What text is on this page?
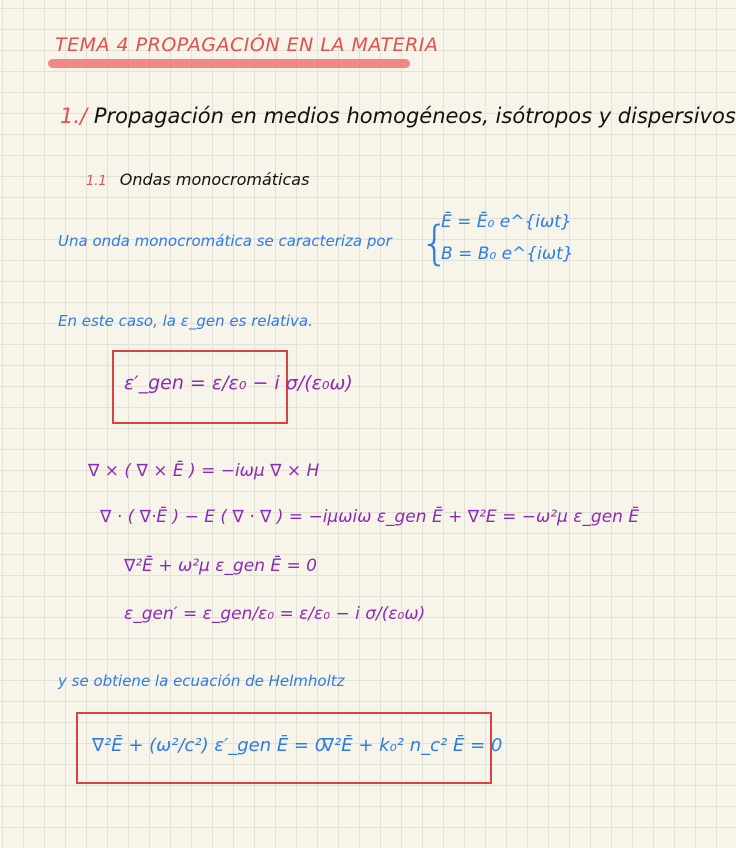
TEMA 4 PROPAGACIÓN EN LA MATERIA
1./ Propagación en medios homogéneos, isótropos y dispersivos
1.1 Ondas monocromáticas
Una onda monocromática se caracteriza por {
Ē = Ē₀ e^{iωt}
B = B₀ e^{iωt}
En este caso, la ε_gen es relativa.
ε′_gen = ε/ε₀ − i σ/(ε₀ω)
∇ × ( ∇ × Ē ) = −iωμ ∇ × H
∇ · ( ∇·Ē ) − E ( ∇ · ∇ ) = −iμωiω ε_gen Ē + ∇²E = −ω²μ ε_gen Ē
∇²Ē + ω²μ ε_gen Ē = 0
ε_gen′ = ε_gen/ε₀ = ε/ε₀ − i σ/(ε₀ω)
y se obtiene la ecuación de Helmholtz
∇²Ē + (ω²/c²) ε′_gen Ē = 0
∇²Ē + k₀² n_c² Ē = 0
